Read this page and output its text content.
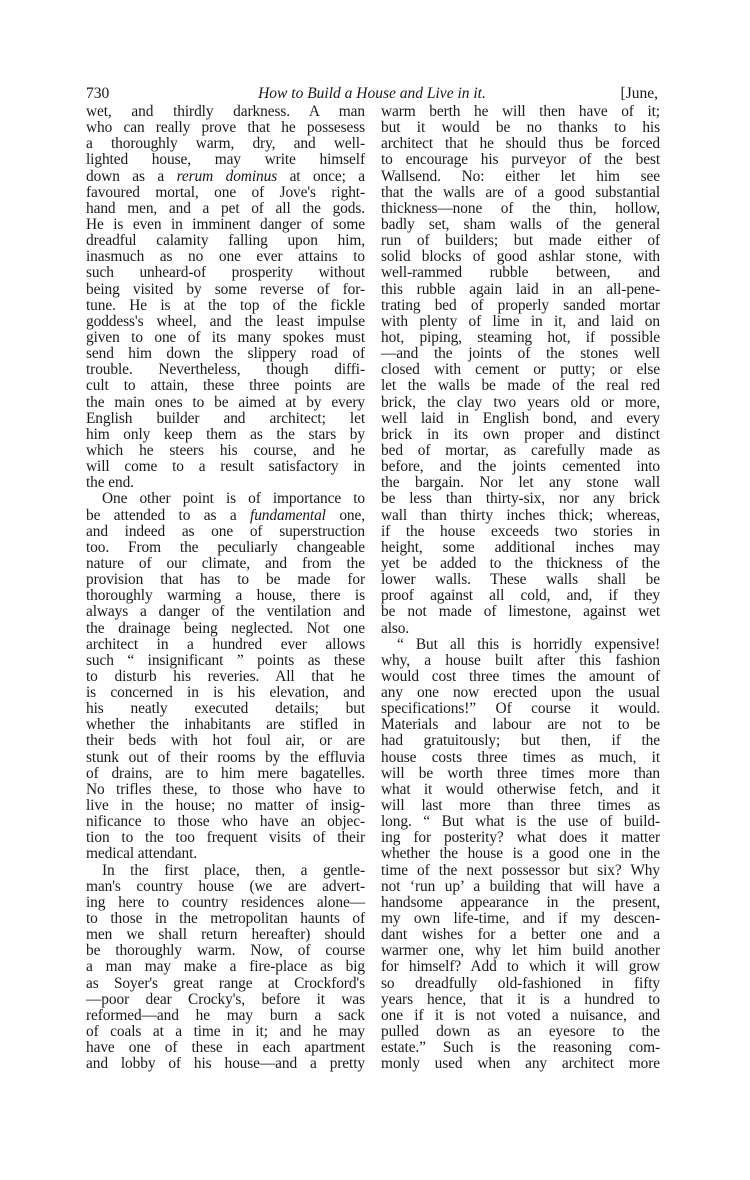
730	How to Build a House and Live in it.	[June,
wet, and thirdly darkness. A man
who can really prove that he possesess
a thoroughly warm, dry, and well-
lighted house, may write himself
down as a rerum dominus at once; a
favoured mortal, one of Jove's right-
hand men, and a pet of all the gods.
He is even in imminent danger of some
dreadful calamity falling upon him,
inasmuch as no one ever attains to
such unheard-of prosperity without
being visited by some reverse of for-
tune. He is at the top of the fickle
goddess's wheel, and the least impulse
given to one of its many spokes must
send him down the slippery road of
trouble. Nevertheless, though diffi-
cult to attain, these three points are
the main ones to be aimed at by every
English builder and architect; let
him only keep them as the stars by
which he steers his course, and he
will come to a result satisfactory in
the end.
One other point is of importance to
be attended to as a fundamental one,
and indeed as one of superstruction
too. From the peculiarly changeable
nature of our climate, and from the
provision that has to be made for
thoroughly warming a house, there is
always a danger of the ventilation and
the drainage being neglected. Not one
architect in a hundred ever allows
such “ insignificant ” points as these
to disturb his reveries. All that he
is concerned in is his elevation, and
his neatly executed details; but
whether the inhabitants are stifled in
their beds with hot foul air, or are
stunk out of their rooms by the effluvia
of drains, are to him mere bagatelles.
No trifles these, to those who have to
live in the house; no matter of insig-
nificance to those who have an objec-
tion to the too frequent visits of their
medical attendant.
In the first place, then, a gentle-
man's country house (we are advert-
ing here to country residences alone—
to those in the metropolitan haunts of
men we shall return hereafter) should
be thoroughly warm. Now, of course
a man may make a fire-place as big
as Soyer's great range at Crockford's
—poor dear Crocky's, before it was
reformed—and he may burn a sack
of coals at a time in it; and he may
have one of these in each apartment
and lobby of his house—and a pretty
warm berth he will then have of it;
but it would be no thanks to his
architect that he should thus be forced
to encourage his purveyor of the best
Wallsend. No: either let him see
that the walls are of a good substantial
thickness—none of the thin, hollow,
badly set, sham walls of the general
run of builders; but made either of
solid blocks of good ashlar stone, with
well-rammed rubble between, and
this rubble again laid in an all-pene-
trating bed of properly sanded mortar
with plenty of lime in it, and laid on
hot, piping, steaming hot, if possible
—and the joints of the stones well
closed with cement or putty; or else
let the walls be made of the real red
brick, the clay two years old or more,
well laid in English bond, and every
brick in its own proper and distinct
bed of mortar, as carefully made as
before, and the joints cemented into
the bargain. Nor let any stone wall
be less than thirty-six, nor any brick
wall than thirty inches thick; whereas,
if the house exceeds two stories in
height, some additional inches may
yet be added to the thickness of the
lower walls. These walls shall be
proof against all cold, and, if they
be not made of limestone, against wet
also.
“ But all this is horridly expensive!
why, a house built after this fashion
would cost three times the amount of
any one now erected upon the usual
specifications!” Of course it would.
Materials and labour are not to be
had gratuitously; but then, if the
house costs three times as much, it
will be worth three times more than
what it would otherwise fetch, and it
will last more than three times as
long. “ But what is the use of build-
ing for posterity? what does it matter
whether the house is a good one in the
time of the next possessor but six? Why
not ‘run up’ a building that will have a
handsome appearance in the present,
my own life-time, and if my descen-
dant wishes for a better one and a
warmer one, why let him build another
for himself? Add to which it will grow
so dreadfully old-fashioned in fifty
years hence, that it is a hundred to
one if it is not voted a nuisance, and
pulled down as an eyesore to the
estate.” Such is the reasoning com-
monly used when any architect more
